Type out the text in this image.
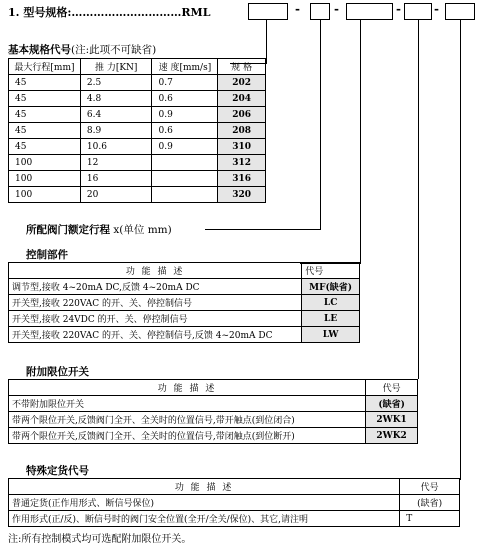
1. 型号规格:…………………………RML	-	-	-	-
基本规格代号(注:此项不可缺省)
最大行程[mm]	推 力[KN]	速 度[mm/s]	规 格
45	2.5	0.7	202
45	4.8	0.6	204
45	6.4	0.9	206
45	8.9	0.6	208
45	10.6	0.9	310
100	12		312
100	16		316
100	20		320
所配阀门额定行程 x(单位 mm)
控制部件
功 能 描 述	代号
调节型,接收 4~20mA DC,反馈 4~20mA DC	MF(缺省)
开关型,接收 220VAC 的开、关、停控制信号	LC
开关型,接收 24VDC 的开、关、停控制信号	LE
开关型,接收 220VAC 的开、关、停控制信号,反馈 4~20mA DC	LW
附加限位开关
功 能 描 述	代号
不带附加限位开关	(缺省)
带两个限位开关,反馈阀门全开、全关时的位置信号,带开触点(到位闭合)	2WK1
带两个限位开关,反馈阀门全开、全关时的位置信号,带闭触点(到位断开)	2WK2
特殊定货代号
功 能 描 述	代号
普通定货(正作用形式、断信号保位)	(缺省)
作用形式(正/反)、断信号时的阀门安全位置(全开/全关/保位)、其它,请注明	T
注:所有控制模式均可选配附加限位开关。
